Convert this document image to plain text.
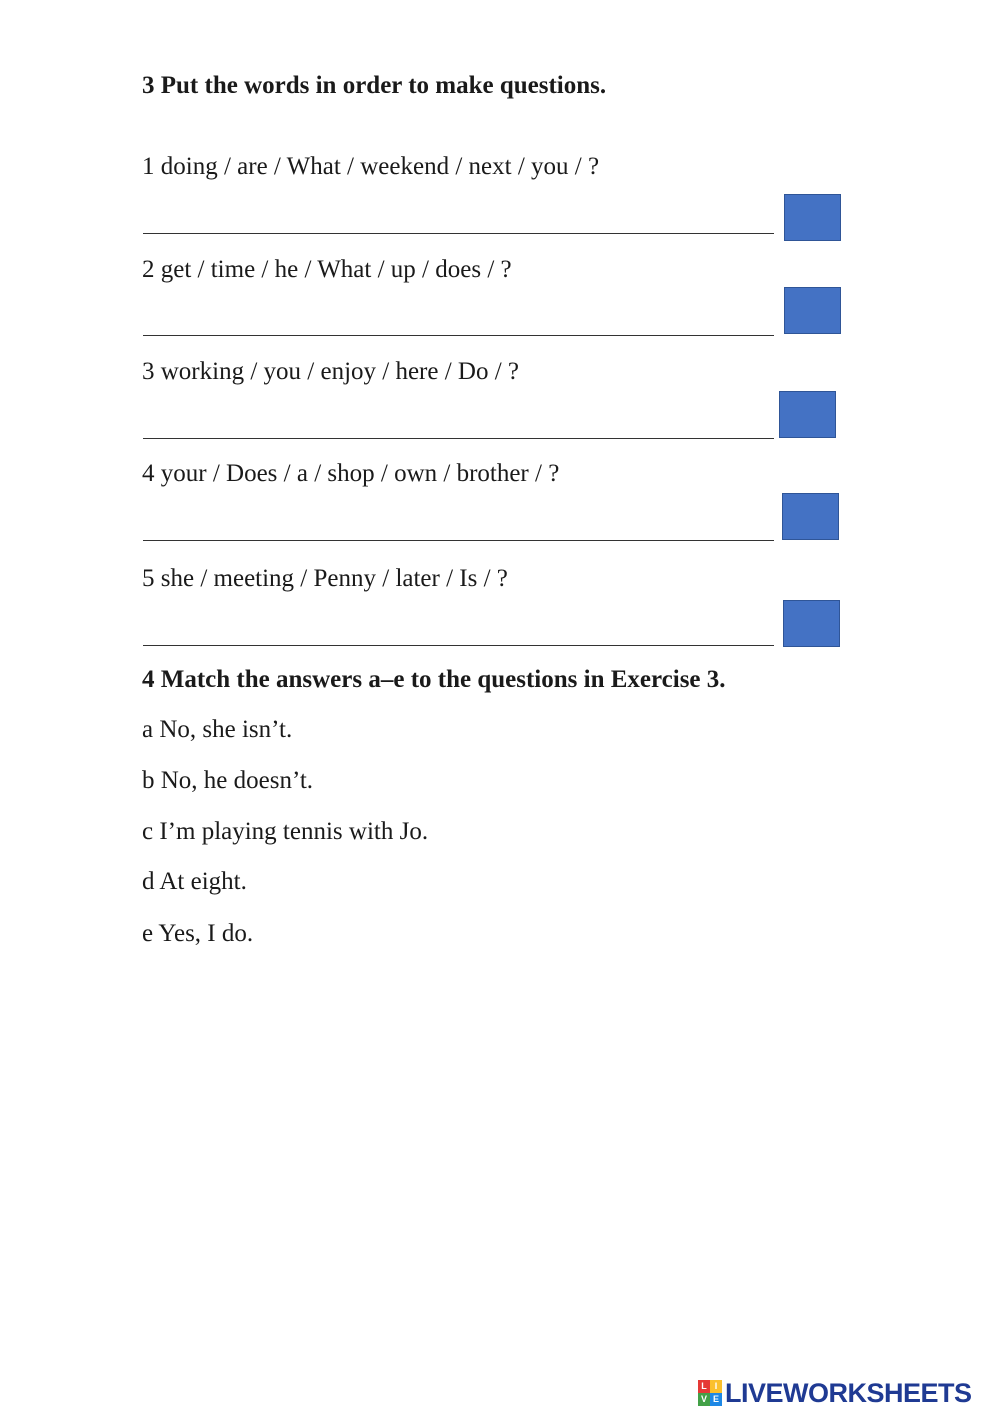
3 Put the words in order to make questions.
1 doing / are / What / weekend / next / you / ?
2 get / time / he / What / up / does / ?
3 working / you / enjoy / here / Do / ?
4 your / Does / a / shop / own / brother / ?
5 she / meeting / Penny / later / Is / ?
4 Match the answers a–e to the questions in Exercise 3.
a No, she isn’t.
b No, he doesn’t.
c I’m playing tennis with Jo.
d At eight.
e Yes, I do.
L I
V E LIVEWORKSHEETS
